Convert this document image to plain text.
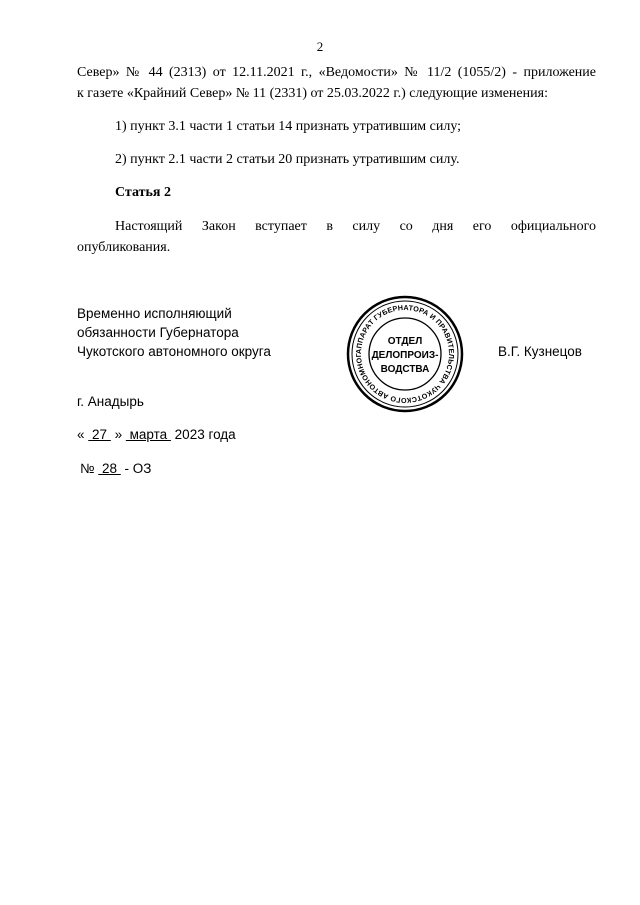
2
Север» № 44 (2313) от 12.11.2021 г., «Ведомости» № 11/2 (1055/2) - приложение
к газете «Крайний Север» № 11 (2331) от 25.03.2022 г.) следующие изменения:
1) пункт 3.1 части 1 статьи 14 признать утратившим силу;
2) пункт 2.1 части 2 статьи 20 признать утратившим силу.
Статья 2
Настоящий Закон вступает в силу со дня его официального
опубликования.
Временно исполняющий
обязанности Губернатора
Чукотского автономного округа	В.Г. Кузнецов
АППАРАТ ГУБЕРНАТОРА И ПРАВИТЕЛЬСТВА ЧУКОТСКОГО АВТОНОМНОГ
ОТДЕЛ
ДЕЛОПРОИЗ-
ВОДСТВА
г. Анадырь
«  27  »  марта  2023 года
№  28  - ОЗ
